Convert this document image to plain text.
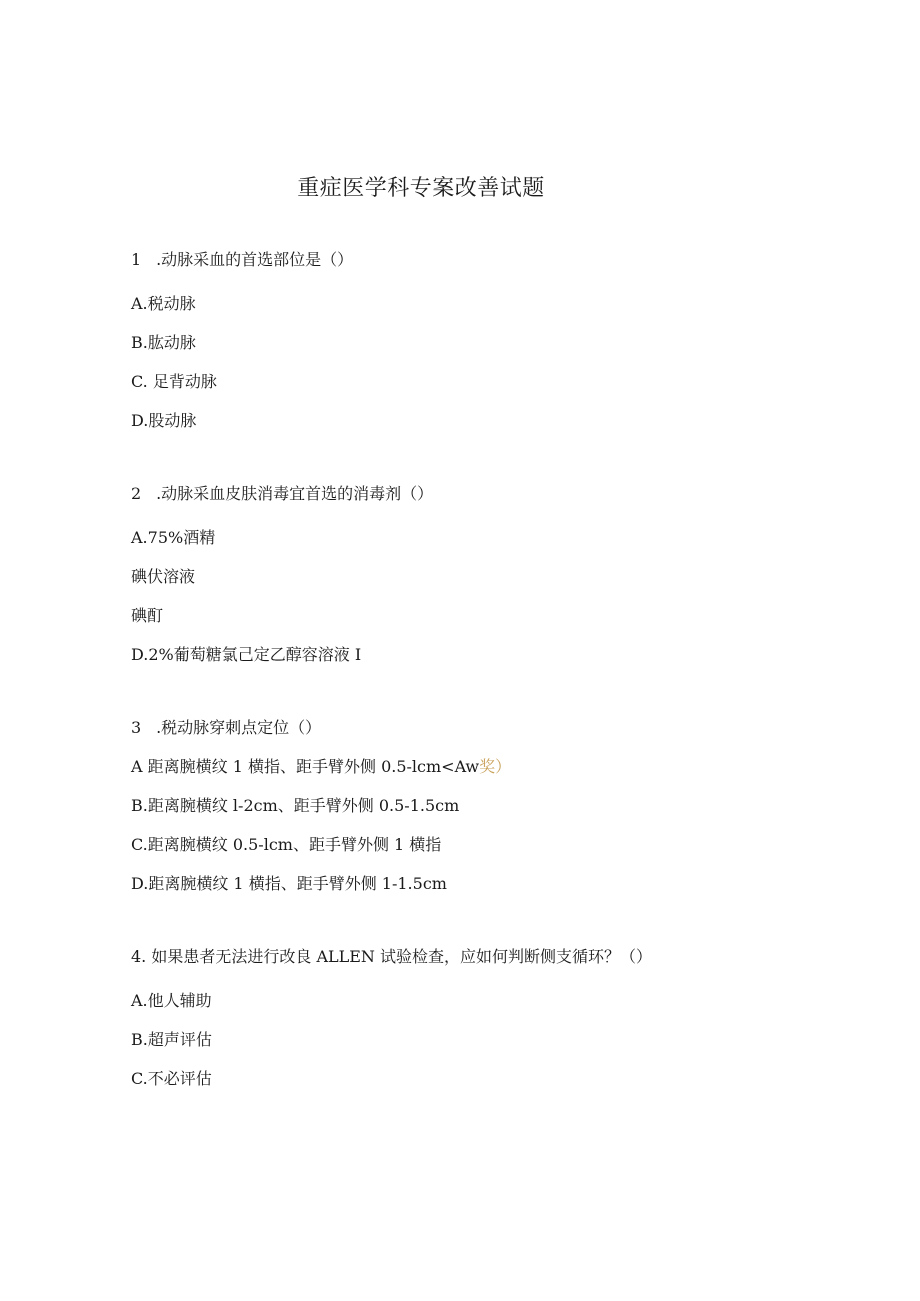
重症医学科专案改善试题
1 .动脉采血的首选部位是（）
A.税动脉
B.肱动脉
C. 足背动脉
D.股动脉
2 .动脉采血皮肤消毒宜首选的消毒剂（）
A.75%酒精
碘伏溶液
碘酊
D.2%葡萄糖氯己定乙醇容溶液 I
3 .税动脉穿刺点定位（）
A 距离腕横纹 1 横指、距手臂外侧 0.5-lcm<Aw奖）
B.距离腕横纹 l-2cm、距手臂外侧 0.5-1.5cm
C.距离腕横纹 0.5-lcm、距手臂外侧 1 横指
D.距离腕横纹 1 横指、距手臂外侧 1-1.5cm
4. 如果患者无法进行改良 ALLEN 试验检查，应如何判断侧支循环？（）
A.他人辅助
B.超声评估
C.不必评估
